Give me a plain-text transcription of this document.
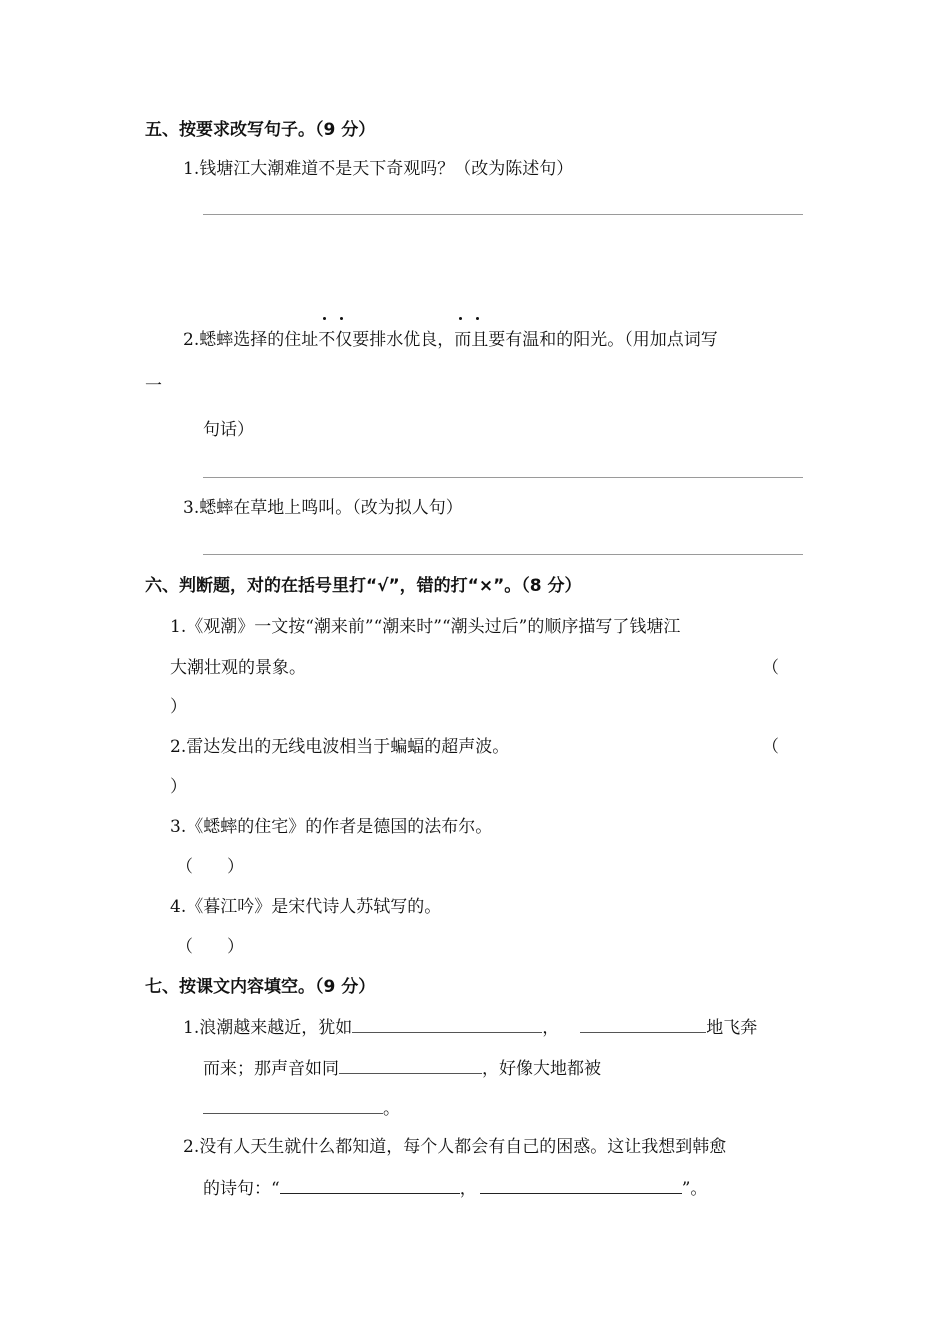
五、按要求改写句子。（9 分）
1.钱塘江大潮难道不是天下奇观吗？（改为陈述句）
2.蟋蟀选择的住址
不仅要排水优良，
而且要有温和的阳光。（用加点词写
一
句话）
3.蟋蟀在草地上鸣叫。（改为拟人句）
六、判断题，对的在括号里打“√”，错的打“×”。（8 分）
1.《观潮》一文按“潮来前”“潮来时”“潮头过后”的顺序描写了钱塘江
大潮壮观的景象。	（
）
2.雷达发出的无线电波相当于蝙蝠的超声波。	（
）
3.《蟋蟀的住宅》的作者是德国的法布尔。
（　　）
4.《暮江吟》是宋代诗人苏轼写的。
（　　）
七、按课文内容填空。（9 分）
1.浪潮越来越近，犹如	，	地飞奔
而来；那声音如同	，好像大地都被
。
2.没有人天生就什么都知道，每个人都会有自己的困惑。这让我想到韩愈
的诗句：“	，	”。
